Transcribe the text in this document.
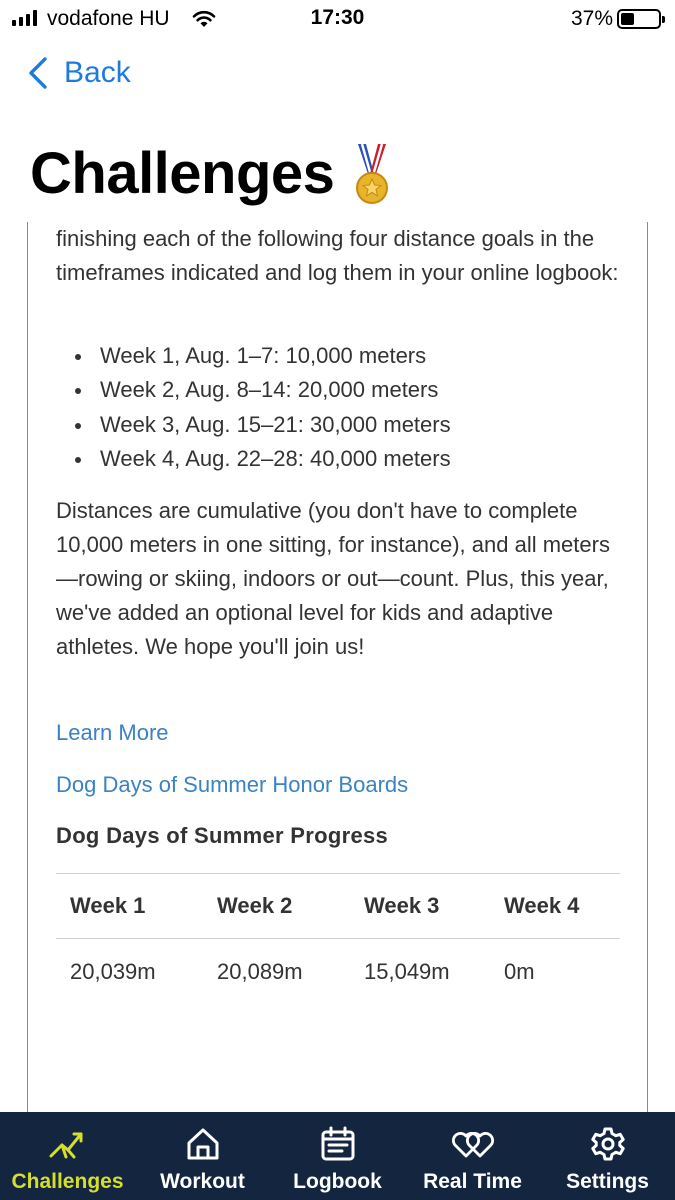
vodafone HU	17:30	37%
Back
Challenges

finishing each of the following four distance goals in the timeframes indicated and log them in your online logbook:

Week 1, Aug. 1–7: 10,000 meters
Week 2, Aug. 8–14: 20,000 meters
Week 3, Aug. 15–21: 30,000 meters
Week 4, Aug. 22–28: 40,000 meters

Distances are cumulative (you don't have to complete 10,000 meters in one sitting, for instance), and all meters—rowing or skiing, indoors or out—count. Plus, this year, we've added an optional level for kids and adaptive athletes. We hope you'll join us!

Learn More
Dog Days of Summer Honor Boards
Dog Days of Summer Progress
Week 1	Week 2	Week 3	Week 4
20,039m	20,089m	15,049m	0m
Challenges Workout Logbook Real Time Settings
